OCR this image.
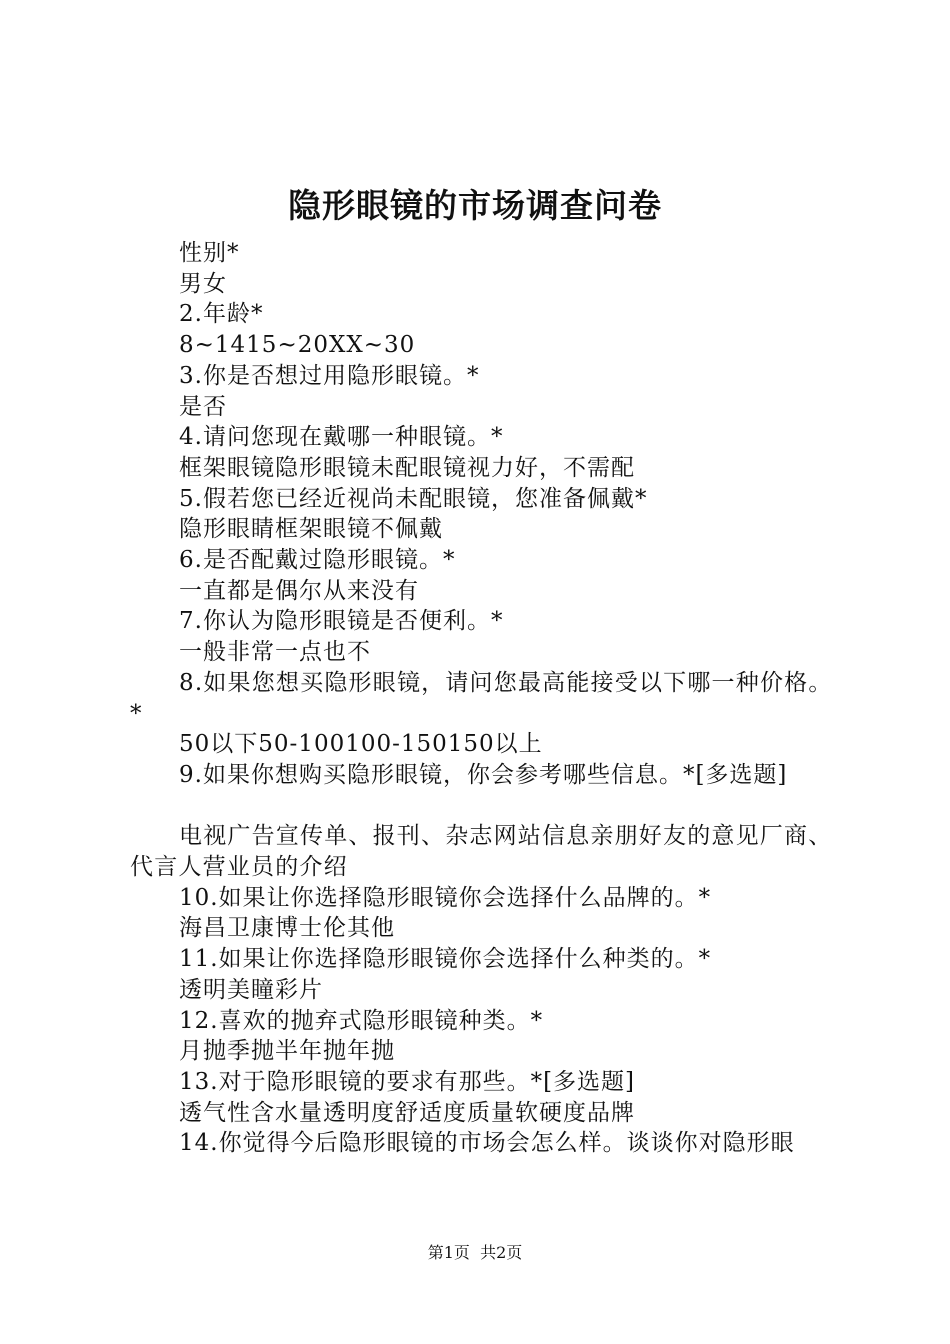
隐形眼镜的市场调查问卷
性别*
男女
2.年龄*
8~1415~20XX~30
3.你是否想过用隐形眼镜。*
是否
4.请问您现在戴哪一种眼镜。*
框架眼镜隐形眼镜未配眼镜视力好，不需配
5.假若您已经近视尚未配眼镜，您准备佩戴*
隐形眼睛框架眼镜不佩戴
6.是否配戴过隐形眼镜。*
一直都是偶尔从来没有
7.你认为隐形眼镜是否便利。*
一般非常一点也不
8.如果您想买隐形眼镜，请问您最高能接受以下哪一种价格。*
50以下50-100100-150150以上
9.如果你想购买隐形眼镜，你会参考哪些信息。*[多选题]
电视广告宣传单、报刊、杂志网站信息亲朋好友的意见厂商、代言人营业员的介绍
10.如果让你选择隐形眼镜你会选择什么品牌的。*
海昌卫康博士伦其他
11.如果让你选择隐形眼镜你会选择什么种类的。*
透明美瞳彩片
12.喜欢的抛弃式隐形眼镜种类。*
月抛季抛半年抛年抛
13.对于隐形眼镜的要求有那些。*[多选题]
透气性含水量透明度舒适度质量软硬度品牌
14.你觉得今后隐形眼镜的市场会怎么样。谈谈你对隐形眼
第1页  共2页
